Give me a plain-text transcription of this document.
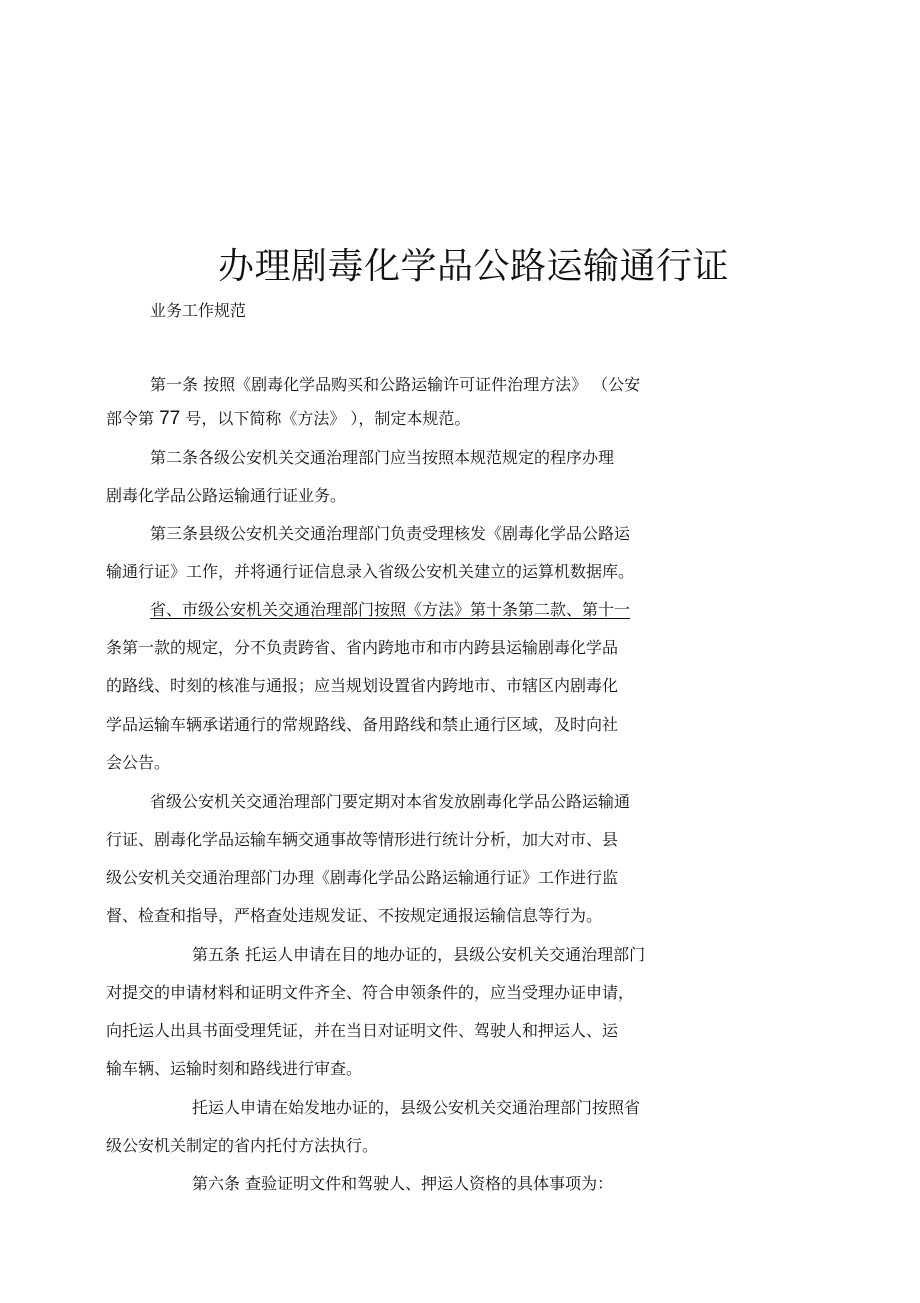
办理剧毒化学品公路运输通行证
业务工作规范
第一条 按照《剧毒化学品购买和公路运输许可证件治理方法》 （公安
部令第 77 号，以下简称《方法》 ），制定本规范。
第二条各级公安机关交通治理部门应当按照本规范规定的程序办理
剧毒化学品公路运输通行证业务。
第三条县级公安机关交通治理部门负责受理核发《剧毒化学品公路运
输通行证》工作，并将通行证信息录入省级公安机关建立的运算机数据库。
省、市级公安机关交通治理部门按照《方法》第十条第二款、第十一
条第一款的规定，分不负责跨省、省内跨地市和市内跨县运输剧毒化学品
的路线、时刻的核准与通报；应当规划设置省内跨地市、市辖区内剧毒化
学品运输车辆承诺通行的常规路线、备用路线和禁止通行区域，及时向社
会公告。
省级公安机关交通治理部门要定期对本省发放剧毒化学品公路运输通
行证、剧毒化学品运输车辆交通事故等情形进行统计分析，加大对市、县
级公安机关交通治理部门办理《剧毒化学品公路运输通行证》工作进行监
督、检查和指导，严格查处违规发证、不按规定通报运输信息等行为。
第五条 托运人申请在目的地办证的，县级公安机关交通治理部门
对提交的申请材料和证明文件齐全、符合申领条件的，应当受理办证申请，
向托运人出具书面受理凭证，并在当日对证明文件、驾驶人和押运人、运
输车辆、运输时刻和路线进行审查。
托运人申请在始发地办证的，县级公安机关交通治理部门按照省
级公安机关制定的省内托付方法执行。
第六条 查验证明文件和驾驶人、押运人资格的具体事项为：
